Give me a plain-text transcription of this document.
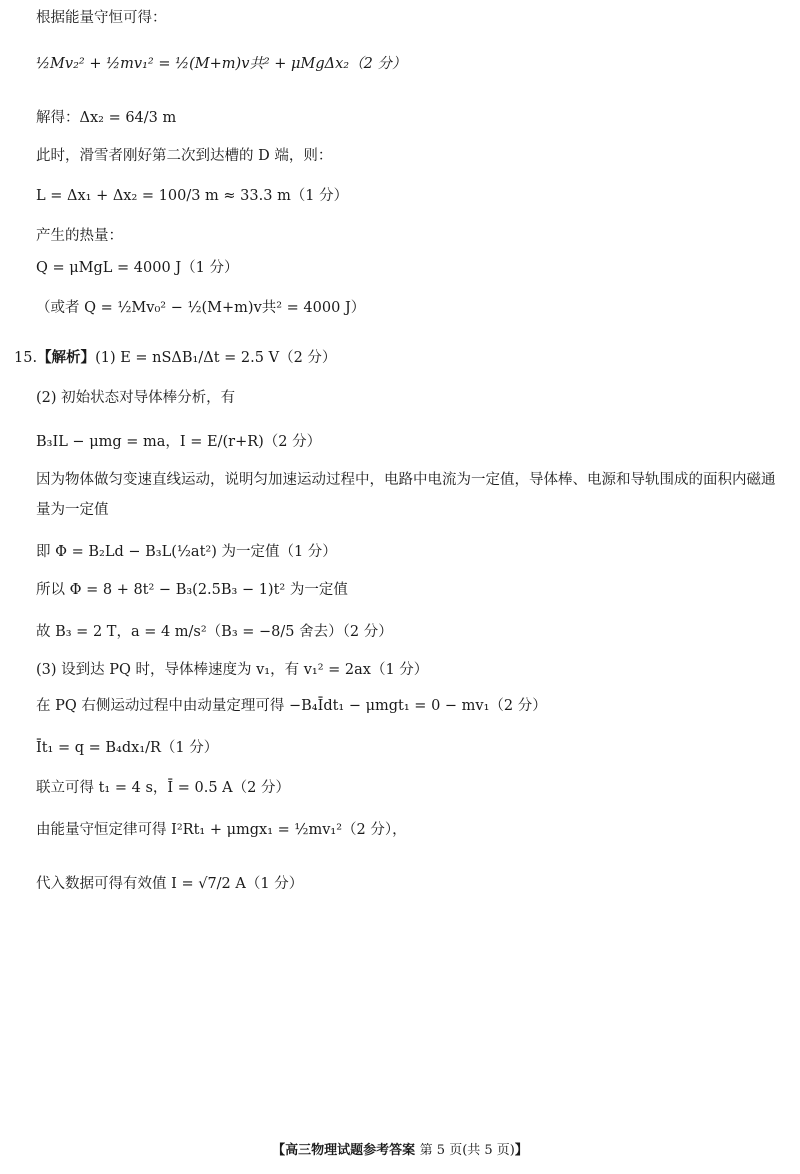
根据能量守恒可得：
½Mv₂² + ½mv₁² = ½(M+m)v共² + μMgΔx₂（2 分）
解得：Δx₂ = 64/3 m
此时，滑雪者刚好第二次到达槽的 D 端，则：
L = Δx₁ + Δx₂ = 100/3 m ≈ 33.3 m（1 分）
产生的热量：
Q = μMgL = 4000 J（1 分）
（或者 Q = ½Mv₀² − ½(M+m)v共² = 4000 J）
15.【解析】(1) E = nSΔB₁/Δt = 2.5 V（2 分）
(2) 初始状态对导体棒分析，有
B₃IL − μmg = ma，I = E/(r+R)（2 分）
因为物体做匀变速直线运动，说明匀加速运动过程中，电路中电流为一定值，导体棒、电源和导轨围成的面积内磁通量为一定值
即 Φ = B₂Ld − B₃L(½at²) 为一定值（1 分）
所以 Φ = 8 + 8t² − B₃(2.5B₃ − 1)t² 为一定值
故 B₃ = 2 T，a = 4 m/s²（B₃ = −8/5 舍去）（2 分）
(3) 设到达 PQ 时，导体棒速度为 v₁，有 v₁² = 2ax（1 分）
在 PQ 右侧运动过程中由动量定理可得 −B₄Īdt₁ − μmgt₁ = 0 − mv₁（2 分）
Īt₁ = q = B₄dx₁/R（1 分）
联立可得 t₁ = 4 s，Ī = 0.5 A（2 分）
由能量守恒定律可得 I²Rt₁ + μmgx₁ = ½mv₁²（2 分），
代入数据可得有效值 I = √7/2 A（1 分）
【高三物理试题参考答案 第 5 页(共 5 页)】
